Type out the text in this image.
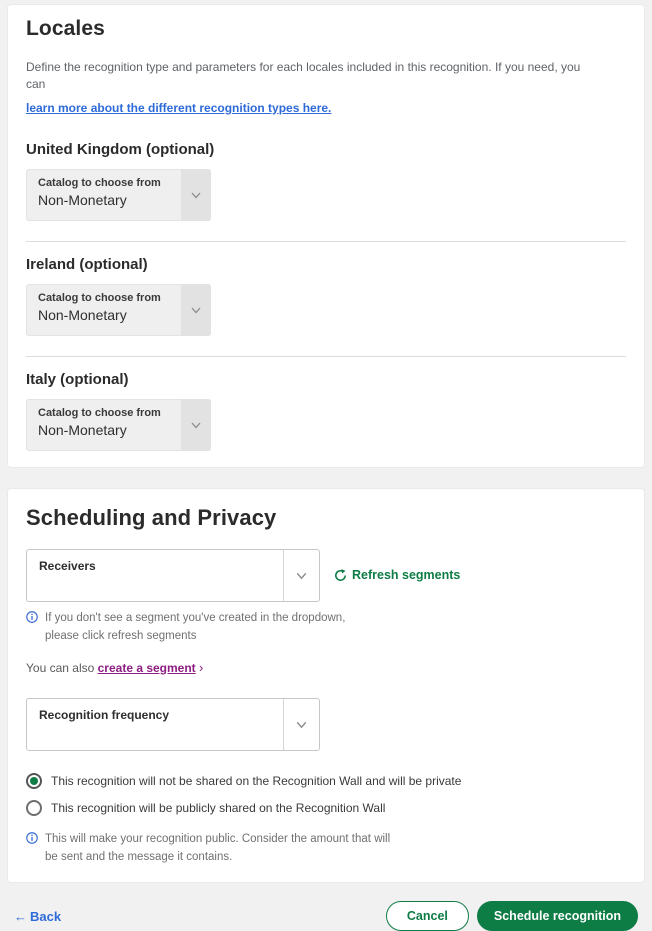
Locales

Define the recognition type and parameters for each locales included in this recognition. If you need, you can

learn more about the different recognition types here.
United Kingdom (optional)
Catalog to choose from
Non-Monetary
Ireland (optional)
Catalog to choose from
Non-Monetary
Italy (optional)
Catalog to choose from
Non-Monetary
Scheduling and Privacy
Receivers
Refresh segments
If you don't see a segment you've created in the dropdown,
please click refresh segments
You can also create a segment ›
Recognition frequency
This recognition will not be shared on the Recognition Wall and will be private
This recognition will be publicly shared on the Recognition Wall
This will make your recognition public. Consider the amount that will
be sent and the message it contains.
← Back	Cancel	Schedule recognition
